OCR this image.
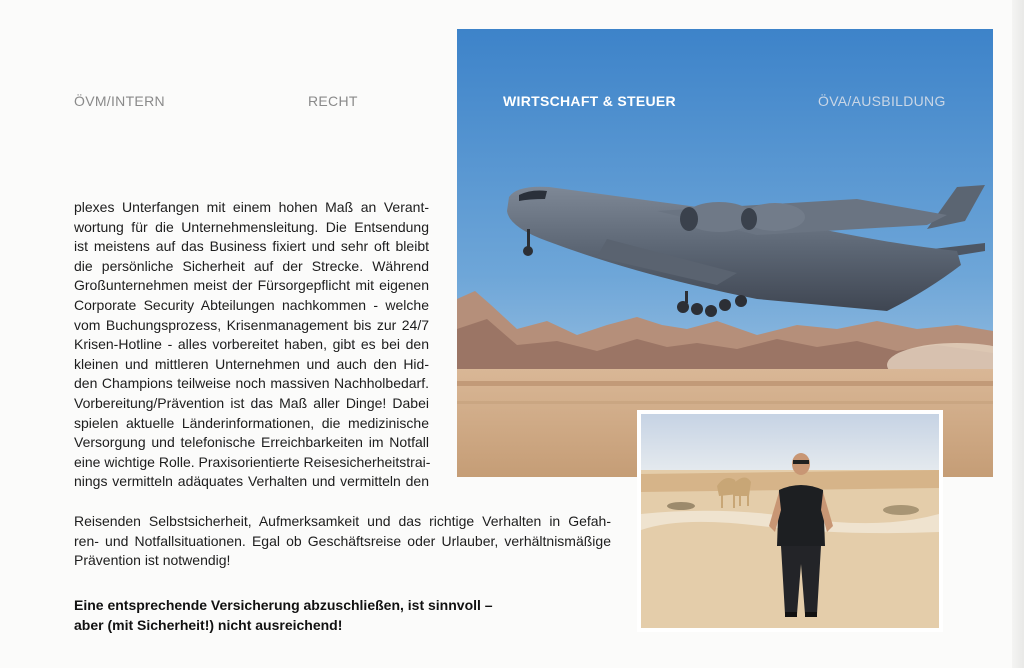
ÖVM/INTERN	RECHT	WIRTSCHAFT & STEUER	ÖVA/AUSBILDUNG
plexes Unterfangen mit einem hohen Maß an Verant-
wortung für die Unternehmensleitung. Die Entsendung
ist meistens auf das Business fixiert und sehr oft bleibt
die persönliche Sicherheit auf der Strecke. Während
Großunternehmen meist der Fürsorgepflicht mit eigenen
Corporate Security Abteilungen nachkommen - welche
vom Buchungsprozess, Krisenmanagement bis zur 24/7
Krisen-Hotline - alles vorbereitet haben, gibt es bei den
kleinen und mittleren Unternehmen und auch den Hid-
den Champions teilweise noch massiven Nachholbedarf.
Vorbereitung/Prävention ist das Maß aller Dinge! Dabei
spielen aktuelle Länderinformationen, die medizinische
Versorgung und telefonische Erreichbarkeiten im Notfall
eine wichtige Rolle. Praxisorientierte Reisesicherheitstrai-
nings vermitteln adäquates Verhalten und vermitteln den
Reisenden Selbstsicherheit, Aufmerksamkeit und das richtige Verhalten in Gefah-
ren- und Notfallsituationen. Egal ob Geschäftsreise oder Urlauber, verhältnismäßige
Prävention ist notwendig!
Eine entsprechende Versicherung abzuschließen, ist sinnvoll –
aber (mit Sicherheit!) nicht ausreichend!
